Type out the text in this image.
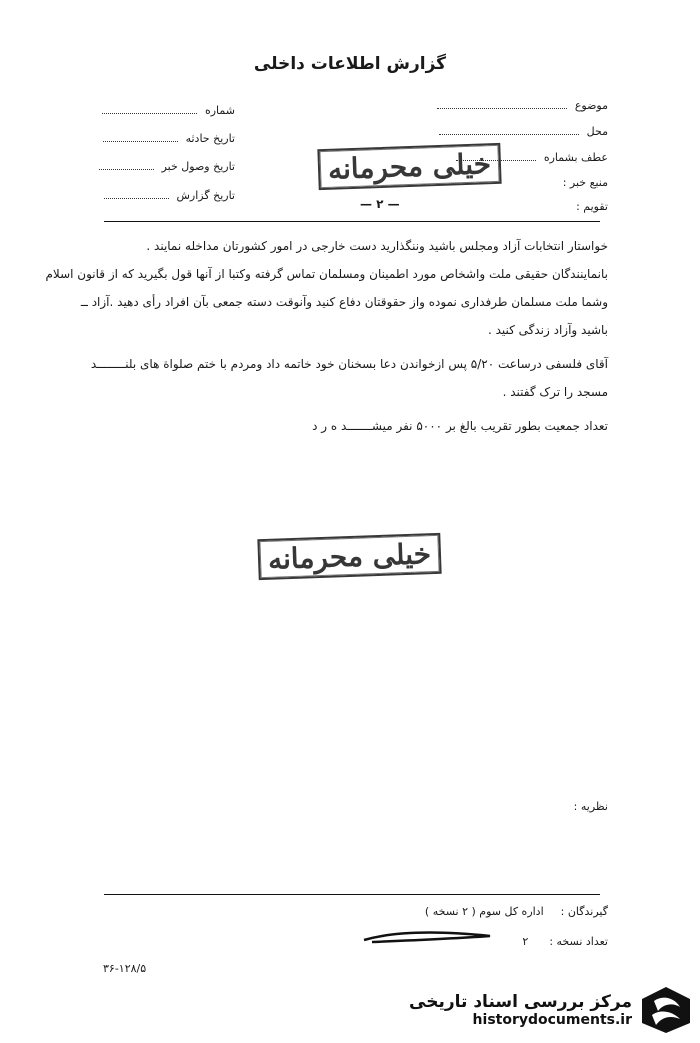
گزارش اطلاعات داخلی
موضوع
محل
عطف بشماره
منبع خبر :
تقویم :
شماره
تاریخ حادثه
تاریخ وصول خبر
تاریخ گزارش
خیلی محرمانه
— ۲ —
خواستار انتخابات آزاد ومجلس باشید وننگذارید دست خارجی در امور کشورتان مداخله نمایند .
بانماینندگان حقیقی ملت واشخاص مورد اطمینان ومسلمان تماس گرفته وکتبا از آنها قول بگیرید که از قانون اسلام
وشما ملت مسلمان طرفداری نموده واز حقوقتان دفاع کنید وآنوقت دسته جمعی بآن افراد رأی دهید .آزاد ــ
باشید وآزاد زندگی کنید .
آقای فلسفی درساعت ۵/۲۰ پس ازخواندن دعا بسخنان خود خاتمه داد ومردم با ختم صلواة های بلنــــــــد
مسجد را ترک گفتند .
تعداد جمعیت بطور تقریب بالغ بر ۵۰۰۰ نفر میشـــــــد ه ر د
خیلی محرمانه
نظریه :
گیرندگان :  اداره کل سوم ( ۲ نسخه )
تعداد نسخه :  ۲
۳۶-۱۲۸/۵
مرکز بررسی اسناد تاریخی
historydocuments.ir
